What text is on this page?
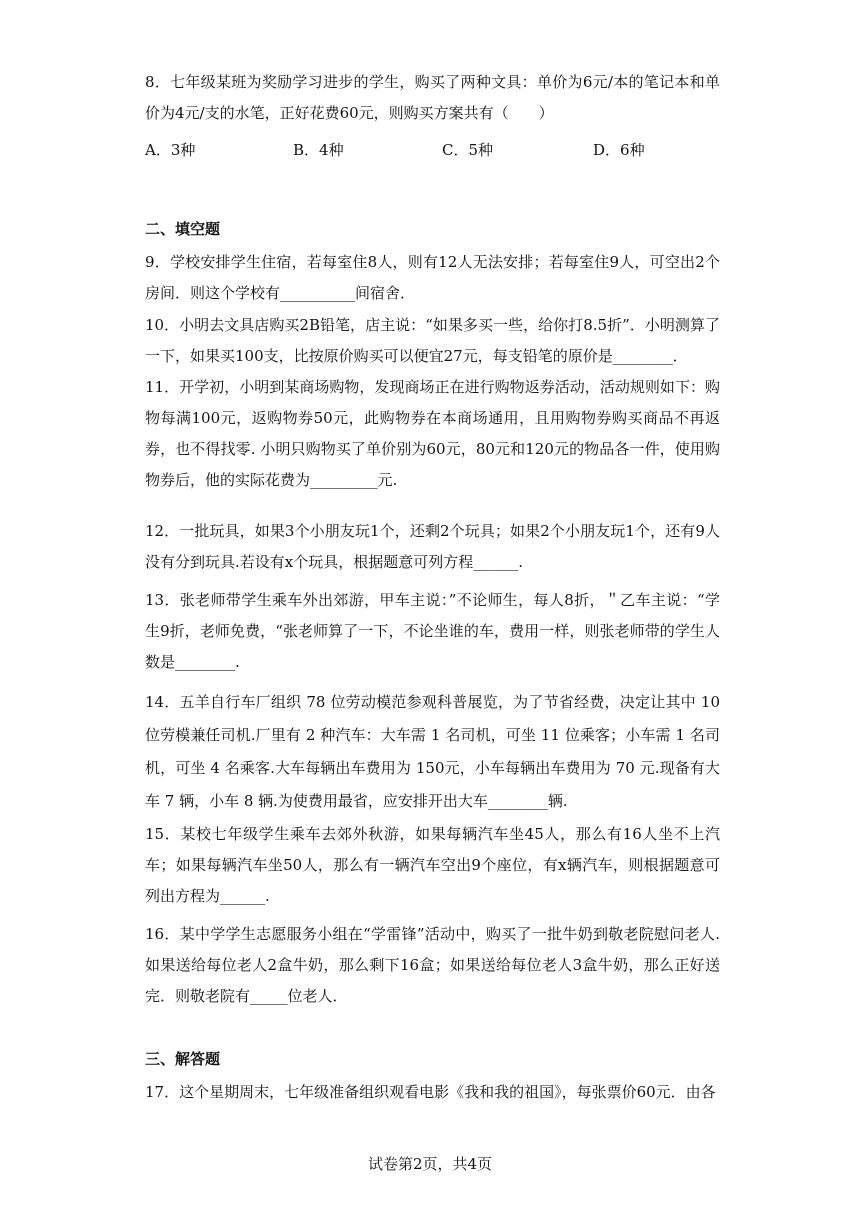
8．七年级某班为奖励学习进步的学生，购买了两种文具：单价为6元/本的笔记本和单价为4元/支的水笔，正好花费60元，则购买方案共有（　　）

A．3种	B．4种	C．5种	D．6种
二、填空题

9．学校安排学生住宿，若每室住8人，则有12人无法安排；若每室住9人，可空出2个房间．则这个学校有__________间宿舍．

10．小明去文具店购买2B铅笔，店主说：“如果多买一些，给你打8.5折”．小明测算了一下，如果买100支，比按原价购买可以便宜27元，每支铅笔的原价是________．

11．开学初，小明到某商场购物，发现商场正在进行购物返券活动，活动规则如下：购物每满100元，返购物券50元，此购物券在本商场通用，且用购物券购买商品不再返券，也不得找零. 小明只购物买了单价别为60元，80元和120元的物品各一件，使用购物券后，他的实际花费为_________元.

12．一批玩具，如果3个小朋友玩1个，还剩2个玩具；如果2个小朋友玩1个，还有9人没有分到玩具.若设有x个玩具，根据题意可列方程______.

13．张老师带学生乘车外出郊游，甲车主说：”不论师生，每人8折，＂乙车主说：“学生9折，老师免费，“张老师算了一下，不论坐谁的车，费用一样，则张老师带的学生人数是________.

14．五羊自行车厂组织 78 位劳动模范参观科普展览，为了节省经费，决定让其中 10 位劳模兼任司机.厂里有 2 种汽车：大车需 1 名司机，可坐 11 位乘客；小车需 1 名司机，可坐 4 名乘客.大车每辆出车费用为 150元，小车每辆出车费用为 70 元.现备有大车 7 辆，小车 8 辆.为使费用最省，应安排开出大车________辆.

15．某校七年级学生乘车去郊外秋游，如果每辆汽车坐45人，那么有16人坐不上汽车；如果每辆汽车坐50人，那么有一辆汽车空出9个座位，有x辆汽车，则根据题意可列出方程为______.

16．某中学学生志愿服务小组在“学雷锋”活动中，购买了一批牛奶到敬老院慰问老人. 如果送给每位老人2盒牛奶，那么剩下16盒；如果送给每位老人3盒牛奶，那么正好送完．则敬老院有_____位老人．

三、解答题

17．这个星期周末，七年级准备组织观看电影《我和我的祖国》，每张票价60元．由各

试卷第2页，共4页
